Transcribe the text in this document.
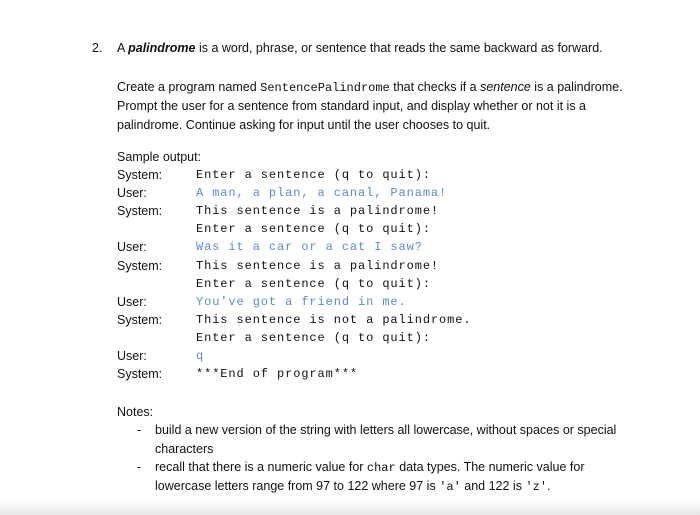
2. A palindrome is a word, phrase, or sentence that reads the same backward as forward.
Create a program named SentencePalindrome that checks if a sentence is a palindrome.
Prompt the user for a sentence from standard input, and display whether or not it is a
palindrome. Continue asking for input until the user chooses to quit.
Sample output:
System:	Enter a sentence (q to quit):
User:	A man, a plan, a canal, Panama!
System:	This sentence is a palindrome!
Enter a sentence (q to quit):
User:	Was it a car or a cat I saw?
System:	This sentence is a palindrome!
Enter a sentence (q to quit):
User:	You've got a friend in me.
System:	This sentence is not a palindrome.
Enter a sentence (q to quit):
User:	q
System:	***End of program***
Notes:
- build a new version of the string with letters all lowercase, without spaces or special
characters
- recall that there is a numeric value for char data types. The numeric value for
lowercase letters range from 97 to 122 where 97 is 'a' and 122 is 'z'.
